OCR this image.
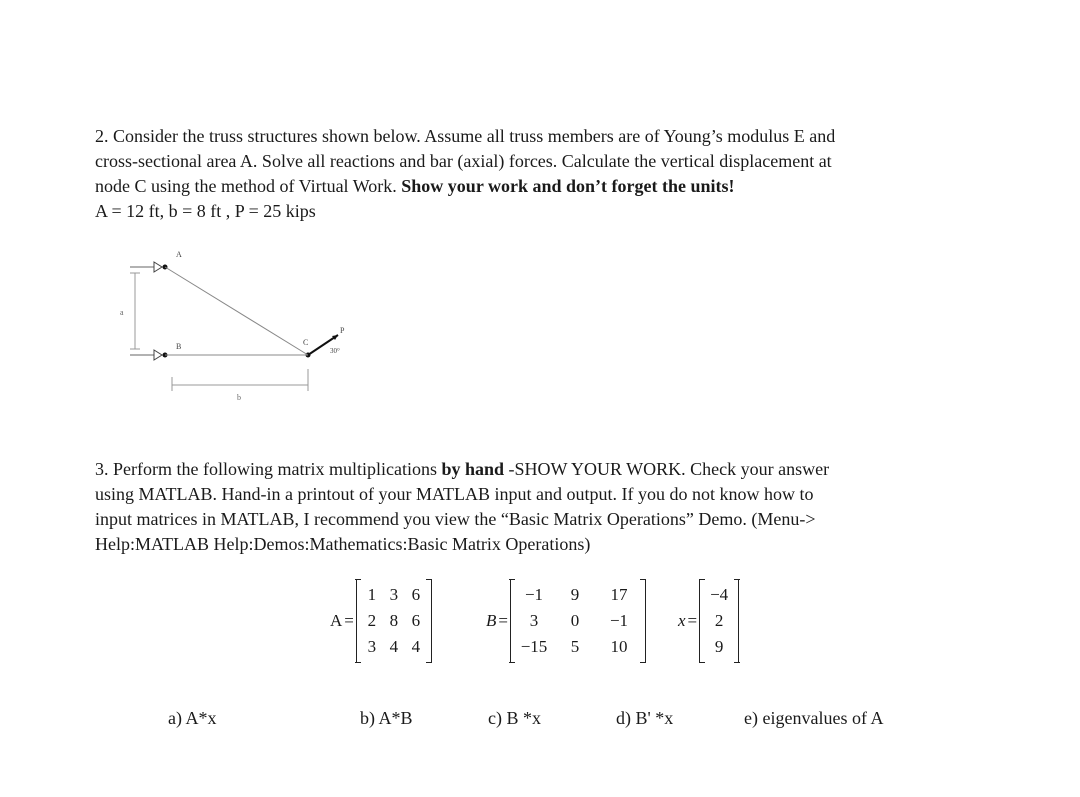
2. Consider the truss structures shown below. Assume all truss members are of Young’s modulus E and
cross-sectional area A. Solve all reactions and bar (axial) forces. Calculate the vertical displacement at
node C using the method of Virtual Work. Show your work and don’t forget the units!
A = 12 ft, b = 8 ft , P = 25 kips
a
A
B	C
P
30°
b
3. Perform the following matrix multiplications by hand -SHOW YOUR WORK. Check your answer
using MATLAB. Hand-in a printout of your MATLAB input and output. If you do not know how to
input matrices in MATLAB, I recommend you view the “Basic Matrix Operations” Demo. (Menu->
Help:MATLAB Help:Demos:Mathematics:Basic Matrix Operations)
A =
1 3 6
2 8 6
3 4 4
B =
−1	9	17
3	0	−1
−15	5	10
x =
−4
2
9
a) A*x	b) A*B	c) B *x	d) B' *x	e) eigenvalues of A
